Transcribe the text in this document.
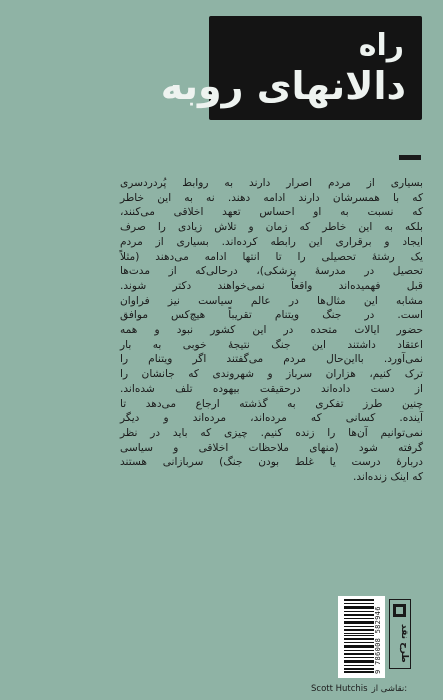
راه
دالانهای روبه
بسیاری از مردم اصرار دارند به روابط پُردردسری
که با همسرشان دارند ادامه دهند. نه به این خاطر
که نسبت به او احساس تعهد اخلاقی می‌کنند،
بلکه به این خاطر که زمان و تلاش زیادی را صرف
ایجاد و برقراری این رابطه کرده‌اند. بسیاری از مردم
یک رشتهٔ تحصیلی را تا انتها ادامه می‌دهند (مثلاً
تحصیل در مدرسهٔ پزشکی)، درحالی‌که از مدت‌ها
قبل فهمیده‌اند واقعاً نمی‌خواهند دکتر شوند.
مشابه این مثال‌ها در عالم سیاست نیز فراوان
است. در جنگ ویتنام تقریباً هیچ‌کس موافق
حضور ایالات متحده در این کشور نبود و همه
اعتقاد داشتند این جنگ نتیجهٔ خوبی به بار
نمی‌آورد. بااین‌حال مردم می‌گفتند اگر ویتنام را
ترک کنیم، هزاران سرباز و شهروندی که جانشان را
از دست داده‌اند درحقیقت بیهوده تلف شده‌اند.
چنین طرز تفکری به گذشته ارجاع می‌دهد تا
آینده. کسانی که مرده‌اند، مرده‌اند و دیگر
نمی‌توانیم آن‌ها را زنده کنیم. چیزی که باید در نظر
گرفته شود (منهای ملاحظات اخلاقی و سیاسی
دربارهٔ درست یا غلط بودن جنگ) سربازانی هستند
که اینک زنده‌اند.
9 786008 582946	طرح نقد
Scott Hutchis نقاشی از:
